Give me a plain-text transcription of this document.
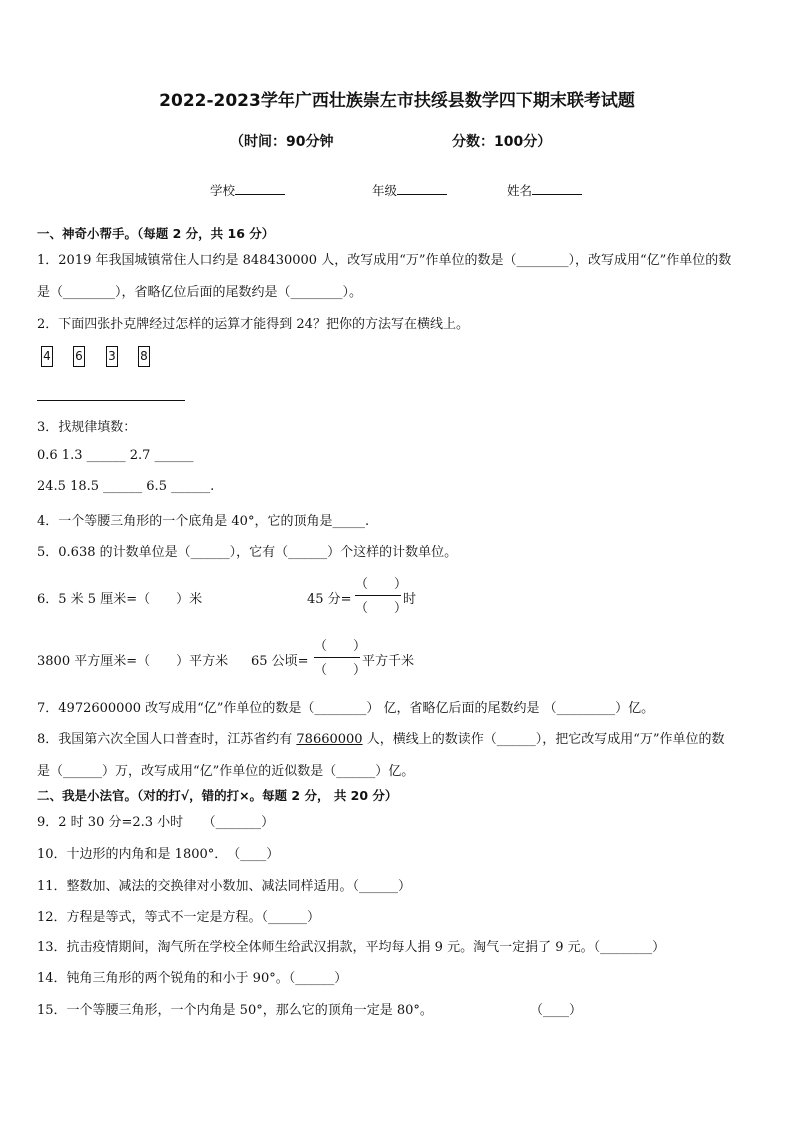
2022-2023学年广西壮族崇左市扶绥县数学四下期末联考试题
（时间：90分钟	分数：100分）
学校	年级	姓名
一、神奇小帮手。（每题 2 分，共 16 分）
1．2019 年我国城镇常住人口约是 848430000 人，改写成用“万”作单位的数是（________），改写成用“亿”作单位的数
是（________），省略亿位后面的尾数约是（________）。
2．下面四张扑克牌经过怎样的运算才能得到 24？把你的方法写在横线上。
4 6 3 8
3．找规律填数：
0.6 1.3 ______ 2.7 ______
24.5 18.5 ______ 6.5 ______.
4．一个等腰三角形的一个底角是 40°，它的顶角是_____.
5．0.638 的计数单位是（______），它有（______）个这样的计数单位。
6．5 米 5 厘米=（　　）米	45 分=
（　　）
（　　）
时
3800 平方厘米=（　　）平方米 65 公顷=
（　　）
（　　）
平方千米
7．4972600000 改写成用“亿”作单位的数是（________） 亿，省略亿后面的尾数约是 （_________）亿。
8．我国第六次全国人口普查时，江苏省约有 78660000 人，横线上的数读作（______），把它改写成用“万”作单位的数
是（______）万，改写成用“亿”作单位的近似数是（______）亿。
二、我是小法官。（对的打√，错的打×。每题 2 分， 共 20 分）
9．2 时 30 分=2.3 小时　　（_______）
10．十边形的内角和是 1800°．　（____）
11．整数加、减法的交换律对小数加、减法同样适用。（______）
12．方程是等式，等式不一定是方程。（______）
13．抗击疫情期间，淘气所在学校全体师生给武汉捐款，平均每人捐 9 元。淘气一定捐了 9 元。（________）
14．钝角三角形的两个锐角的和小于 90°。（______）
15．一个等腰三角形，一个内角是 50°，那么它的顶角一定是 80°。	（____）
